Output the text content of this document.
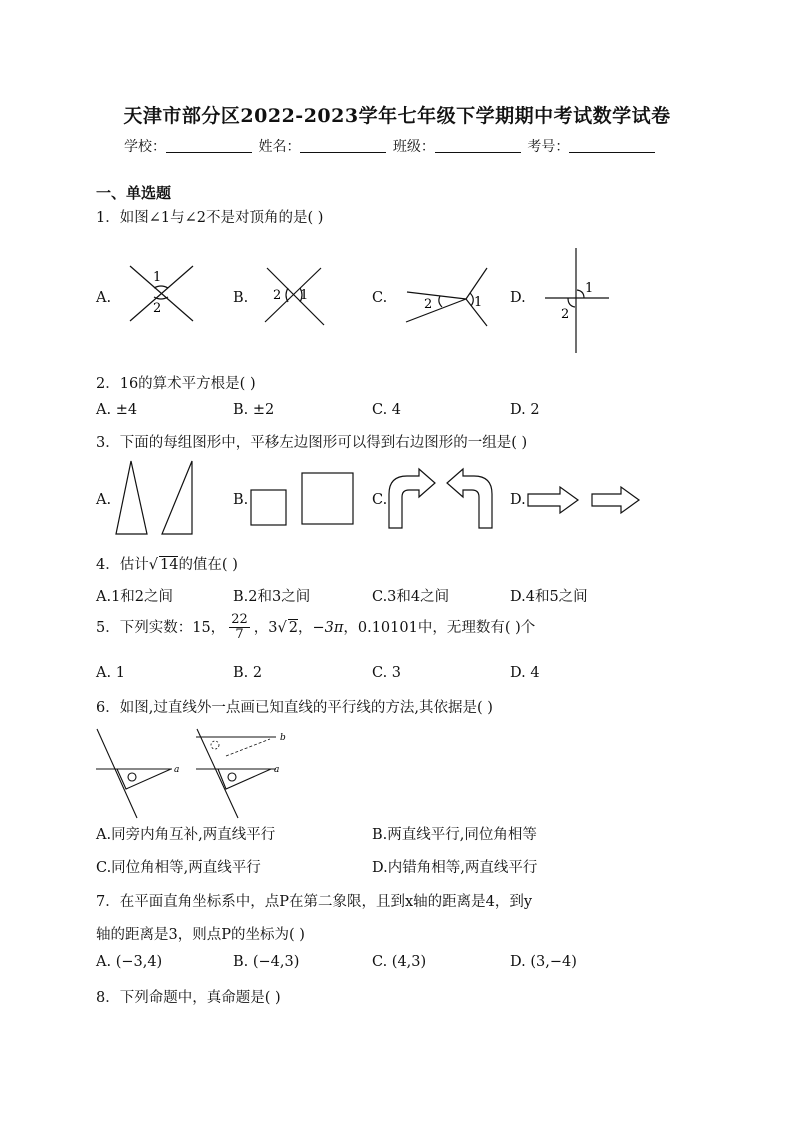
天津市部分区2022-2023学年七年级下学期期中考试数学试卷
学校：	姓名：	班级：	考号：
一、单选题
1．如图∠1与∠2不是对顶角的是( )
A.	B.	C.	D.
1
2
2 1
2	1
1
2
a
b
a
2．16的算术平方根是( )
A. ±4	B. ±2	C. 4	D. 2
3．下面的每组图形中，平移左边图形可以得到右边图形的一组是( )
A.	B.	C.	D.
4．估计√ 14的值在( )
A.1和2之间	B.2和3之间	C.3和4之间	D.4和5之间
5．下列实数：15， $\frac{22}{7}$ ，3√ 2，−3π，0.10101中，无理数有( )个
A. 1	B. 2	C. 3	D. 4
6．如图,过直线外一点画已知直线的平行线的方法,其依据是( )
A.同旁内角互补,两直线平行	B.两直线平行,同位角相等
C.同位角相等,两直线平行	D.内错角相等,两直线平行
7．在平面直角坐标系中，点P在第二象限，且到x轴的距离是4，到y
轴的距离是3，则点P的坐标为( )
A. (−3,4)	B. (−4,3)	C. (4,3)	D. (3,−4)
8．下列命题中，真命题是( )
